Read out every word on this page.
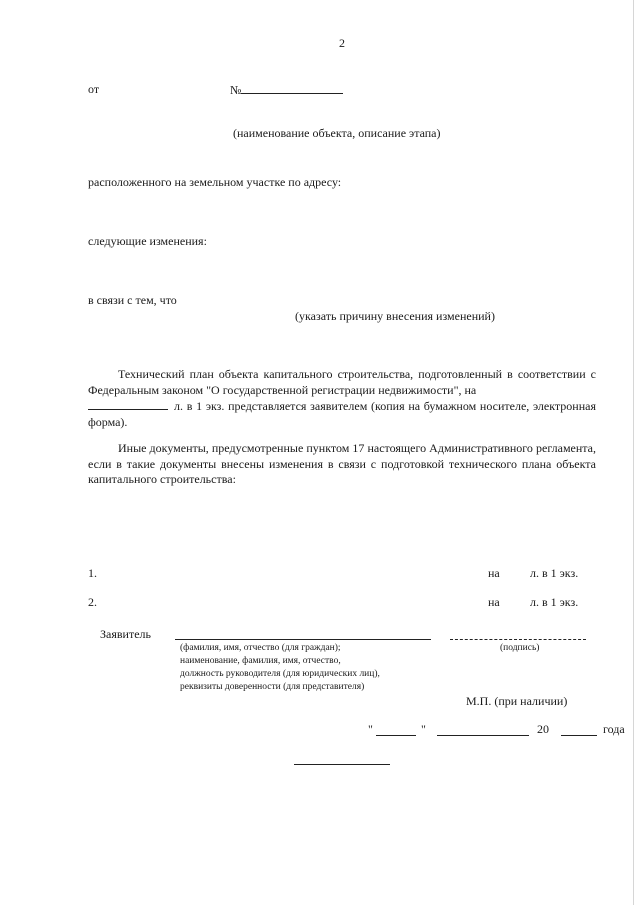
2
от	№
(наименование объекта, описание этапа)
расположенного на земельном участке по адресу:
следующие изменения:
в связи с тем, что
(указать причину внесения изменений)
Технический план объекта капитального строительства, подготовленный в соответствии с Федеральным законом "О государственной регистрации недвижимости", на
л. в 1 экз. представляется заявителем (копия на бумажном носителе, электронная форма).
Иные документы, предусмотренные пунктом 17 настоящего Административного регламента, если в такие документы внесены изменения в связи с подготовкой технического плана объекта капитального строительства:
1.	на	л. в 1 экз.
2.	на	л. в 1 экз.
Заявитель
(фамилия, имя, отчество (для граждан);	(подпись)
наименование, фамилия, имя, отчество,
должность руководителя (для юридических лиц),
реквизиты доверенности (для представителя)
М.П. (при наличии)
"	"	20	года
